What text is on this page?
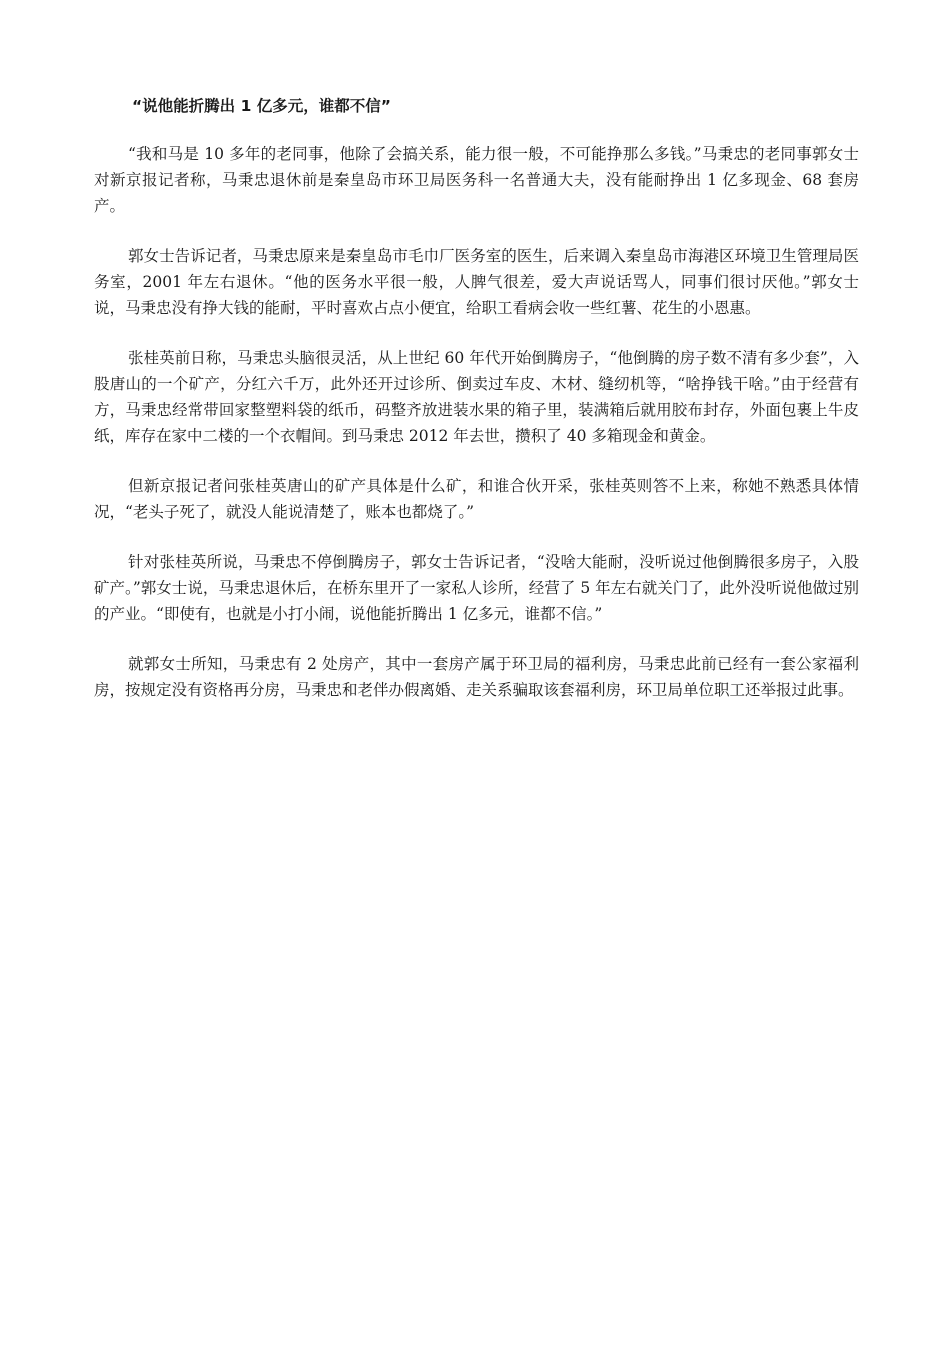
“说他能折腾出 1 亿多元，谁都不信”

“我和马是 10 多年的老同事，他除了会搞关系，能力很一般，不可能挣那么多钱。”马秉忠的老同事郭女士对新京报记者称，马秉忠退休前是秦皇岛市环卫局医务科一名普通大夫，没有能耐挣出 1 亿多现金、68 套房产。

郭女士告诉记者，马秉忠原来是秦皇岛市毛巾厂医务室的医生，后来调入秦皇岛市海港区环境卫生管理局医务室，2001 年左右退休。“他的医务水平很一般，人脾气很差，爱大声说话骂人，同事们很讨厌他。”郭女士说，马秉忠没有挣大钱的能耐，平时喜欢占点小便宜，给职工看病会收一些红薯、花生的小恩惠。

张桂英前日称，马秉忠头脑很灵活，从上世纪 60 年代开始倒腾房子，“他倒腾的房子数不清有多少套”，入股唐山的一个矿产，分红六千万，此外还开过诊所、倒卖过车皮、木材、缝纫机等，“啥挣钱干啥。”由于经营有方，马秉忠经常带回家整塑料袋的纸币，码整齐放进装水果的箱子里，装满箱后就用胶布封存，外面包裹上牛皮纸，库存在家中二楼的一个衣帽间。到马秉忠 2012 年去世，攒积了 40 多箱现金和黄金。

但新京报记者问张桂英唐山的矿产具体是什么矿，和谁合伙开采，张桂英则答不上来，称她不熟悉具体情况，“老头子死了，就没人能说清楚了，账本也都烧了。”

针对张桂英所说，马秉忠不停倒腾房子，郭女士告诉记者，“没啥大能耐，没听说过他倒腾很多房子，入股矿产。”郭女士说，马秉忠退休后，在桥东里开了一家私人诊所，经营了 5 年左右就关门了，此外没听说他做过别的产业。“即使有，也就是小打小闹，说他能折腾出 1 亿多元，谁都不信。”

就郭女士所知，马秉忠有 2 处房产，其中一套房产属于环卫局的福利房，马秉忠此前已经有一套公家福利房，按规定没有资格再分房，马秉忠和老伴办假离婚、走关系骗取该套福利房，环卫局单位职工还举报过此事。
